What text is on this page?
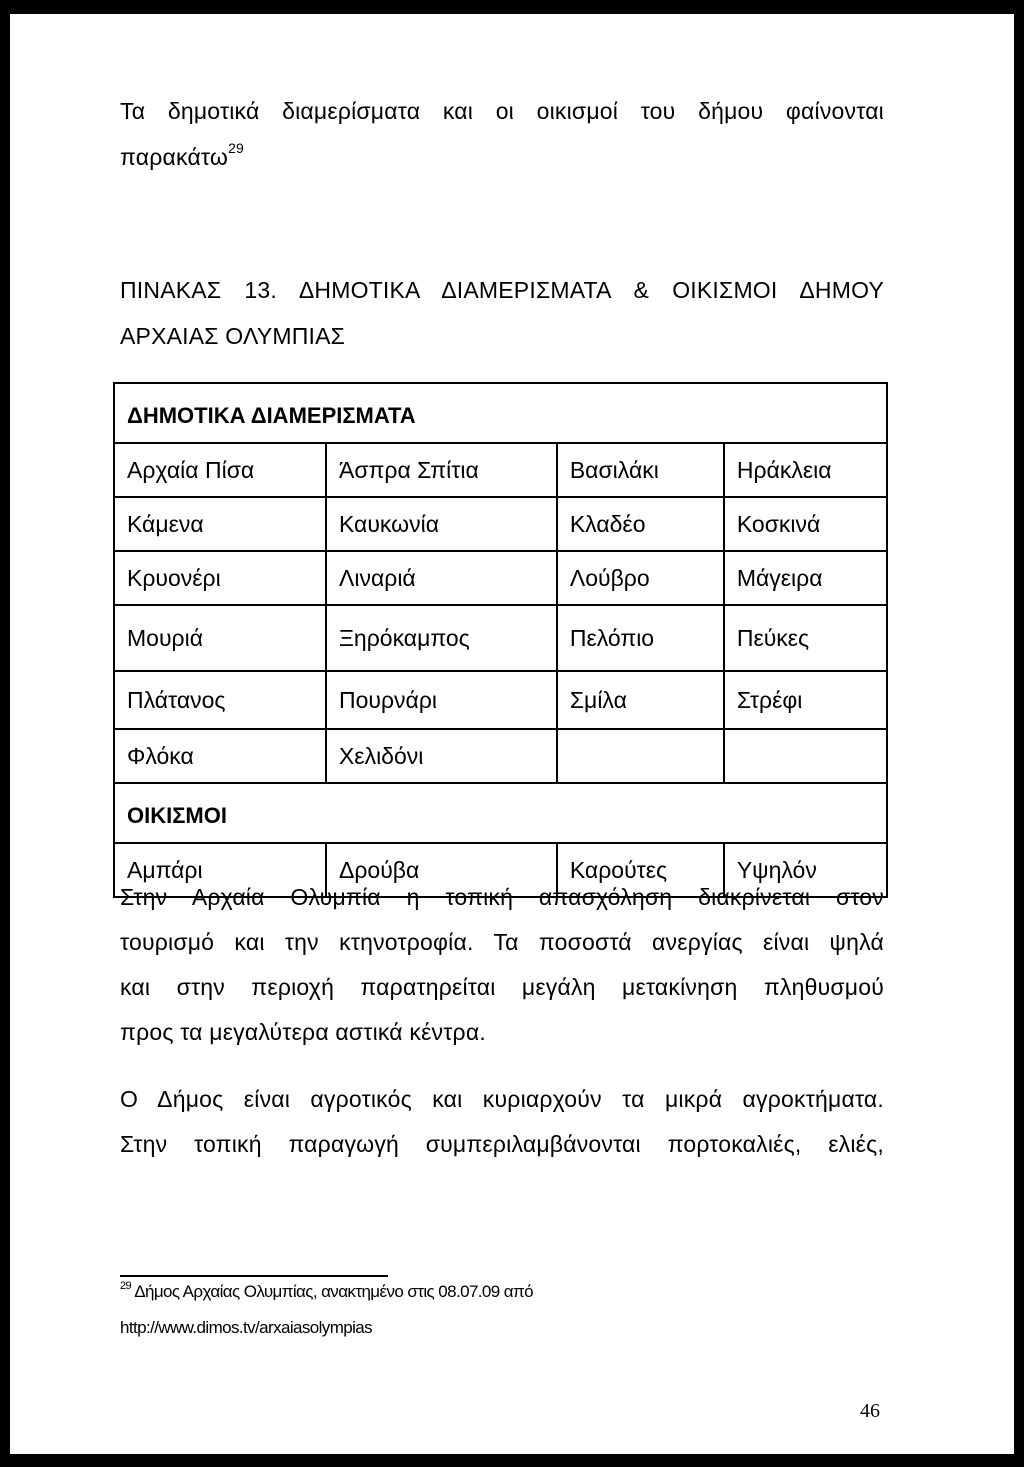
Τα δημοτικά διαμερίσματα και οι οικισμοί του δήμου φαίνονται
παρακάτω$^{29}$
ΠΙΝΑΚΑΣ 13. ΔΗΜΟΤΙΚΑ ΔΙΑΜΕΡΙΣΜΑΤΑ & ΟΙΚΙΣΜΟΙ ΔΗΜΟΥ
ΑΡΧΑΙΑΣ ΟΛΥΜΠΙΑΣ
ΔΗΜΟΤΙΚΑ ΔΙΑΜΕΡΙΣΜΑΤΑ			
Αρχαία Πίσα	Άσπρα Σπίτια	Βασιλάκι	Ηράκλεια
Κάμενα	Καυκωνία	Κλαδέο	Κοσκινά
Κρυονέρι	Λιναριά	Λούβρο	Μάγειρα
Μουριά	Ξηρόκαμπος	Πελόπιο	Πεύκες
Πλάτανος	Πουρνάρι	Σμίλα	Στρέφι
Φλόκα	Χελιδόνι		
ΟΙΚΙΣΜΟΙ			
Αμπάρι	Δρούβα	Καρούτες	Υψηλόν
Στην Αρχαία Ολυμπία η τοπική απασχόληση διακρίνεται στον
τουρισμό και την κτηνοτροφία. Τα ποσοστά ανεργίας είναι ψηλά
και στην περιοχή παρατηρείται μεγάλη μετακίνηση πληθυσμού
προς τα μεγαλύτερα αστικά κέντρα.
Ο Δήμος είναι αγροτικός και κυριαρχούν τα μικρά αγροκτήματα.
Στην τοπική παραγωγή συμπεριλαμβάνονται πορτοκαλιές, ελιές,
$^{29}$ Δήμος Αρχαίας Ολυμπίας, ανακτημένο στις 08.07.09 από
http://www.dimos.tv/arxaiasolympias
46
